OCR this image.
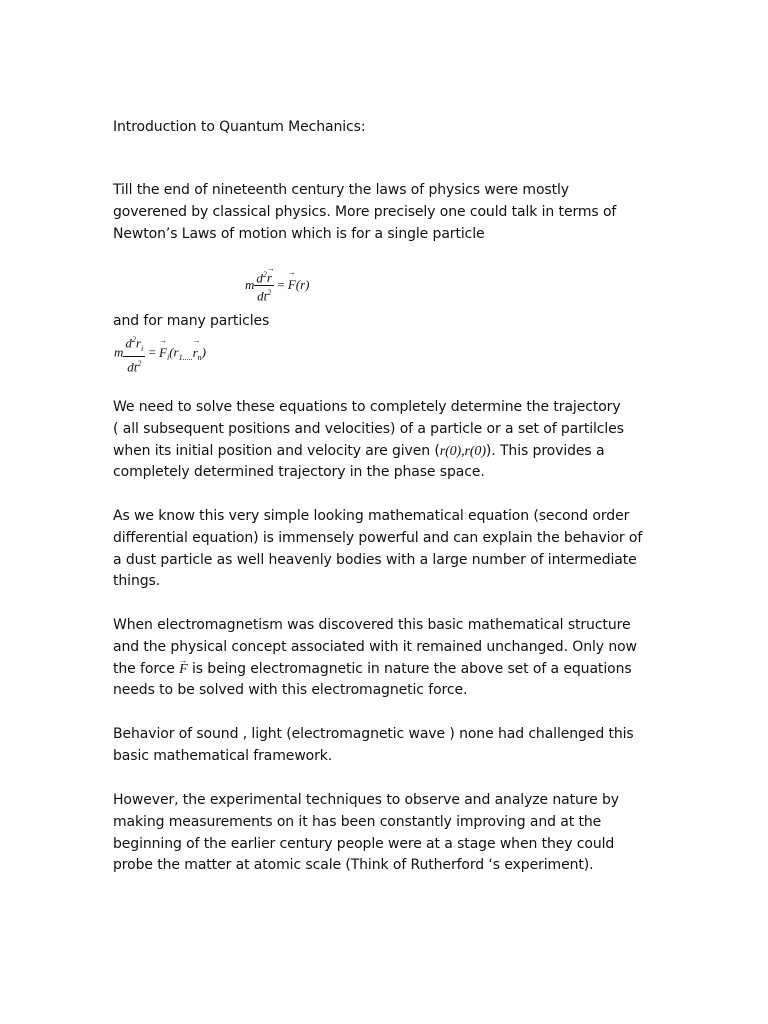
Introduction to Quantum Mechanics:

Till the end of nineteenth century the laws of physics were mostly
goverened by classical physics. More precisely one could talk in terms of
Newton’s Laws of motion which is for a single particle

m $\frac{d^2\to r}{dt^2}$ = → F(r)

and for many particles

m $\frac{d^2r_i}{dt^2}$ = → $F_i(r_{1.....}\to r_n)$

We need to solve these equations to completely determine the trajectory
( all subsequent positions and velocities) of a particle or a set of partilcles
when its initial position and velocity are given (r(0),r(0)). This provides a
completely determined trajectory in the phase space.

As we know this very simple looking mathematical equation (second order
differential equation) is immensely powerful and can explain the behavior of
a dust particle as well heavenly bodies with a large number of intermediate
things.

When electromagnetism was discovered this basic mathematical structure
and the physical concept associated with it remained unchanged. Only now
the force → F is being electromagnetic in nature the above set of a equations
needs to be solved with this electromagnetic force.

Behavior of sound , light (electromagnetic wave ) none had challenged this
basic mathematical framework.

However, the experimental techniques to observe and analyze nature by
making measurements on it has been constantly improving and at the
beginning of the earlier century people were at a stage when they could
probe the matter at atomic scale (Think of Rutherford ‘s experiment).
